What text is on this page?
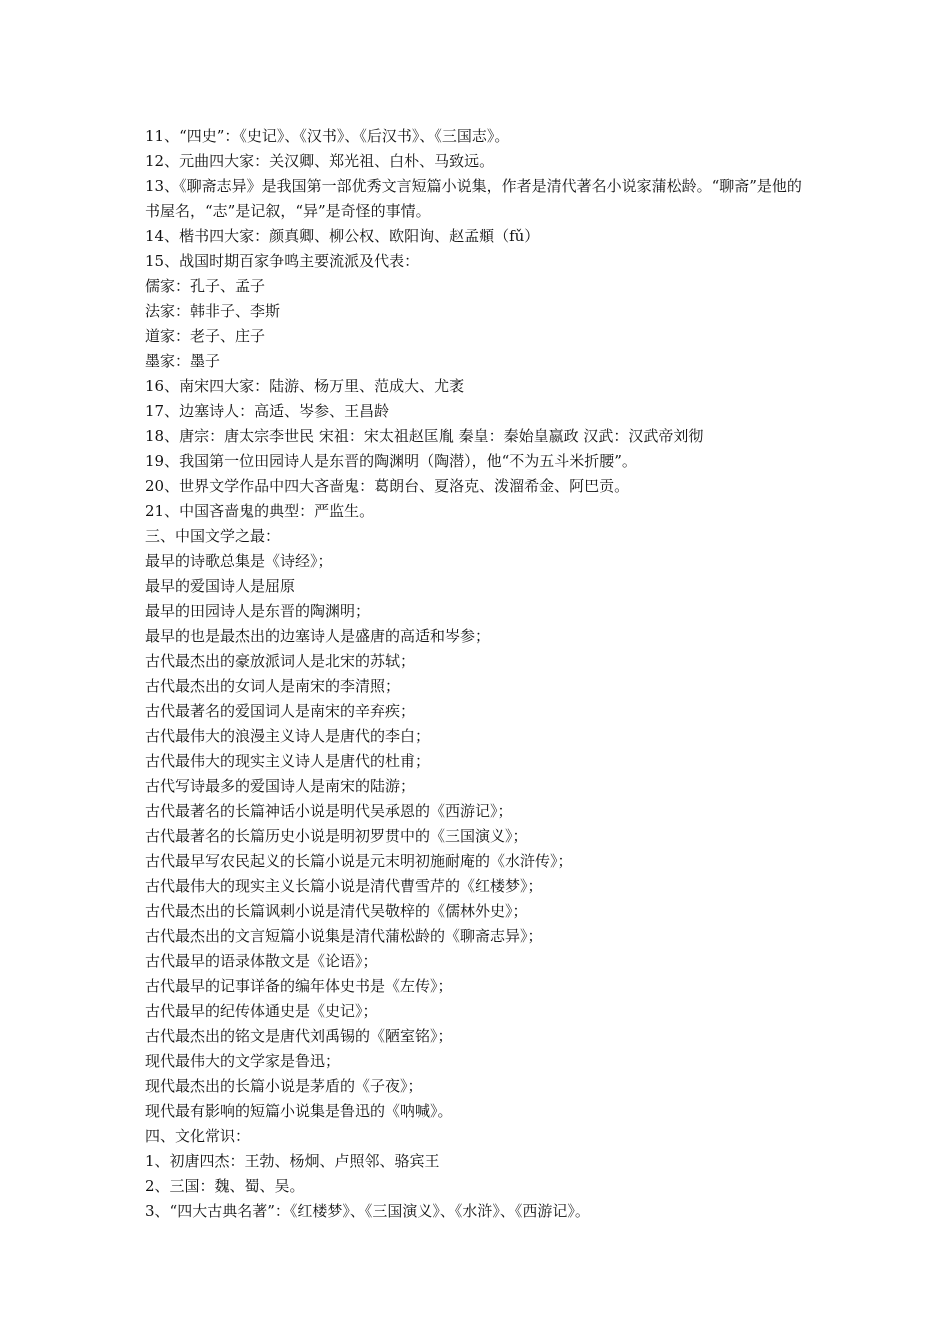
11、“四史”：《史记》、《汉书》、《后汉书》、《三国志》。
12、元曲四大家：关汉卿、郑光祖、白朴、马致远。
13、《聊斋志异》是我国第一部优秀文言短篇小说集，作者是清代著名小说家蒲松龄。“聊斋”是他的书屋名，“志”是记叙，“异”是奇怪的事情。
14、楷书四大家：颜真卿、柳公权、欧阳询、赵孟頫（fǔ）
15、战国时期百家争鸣主要流派及代表：
儒家：孔子、孟子
法家：韩非子、李斯
道家：老子、庄子
墨家：墨子
16、南宋四大家：陆游、杨万里、范成大、尤袤
17、边塞诗人：高适、岑参、王昌龄
18、唐宗：唐太宗李世民 宋祖：宋太祖赵匡胤 秦皇：秦始皇嬴政 汉武：汉武帝刘彻
19、我国第一位田园诗人是东晋的陶渊明（陶潜），他“不为五斗米折腰”。
20、世界文学作品中四大吝啬鬼：葛朗台、夏洛克、泼溜希金、阿巴贡。
21、中国吝啬鬼的典型：严监生。
三、中国文学之最：
最早的诗歌总集是《诗经》；
最早的爱国诗人是屈原
最早的田园诗人是东晋的陶渊明；
最早的也是最杰出的边塞诗人是盛唐的高适和岑参；
古代最杰出的豪放派词人是北宋的苏轼；
古代最杰出的女词人是南宋的李清照；
古代最著名的爱国词人是南宋的辛弃疾；
古代最伟大的浪漫主义诗人是唐代的李白；
古代最伟大的现实主义诗人是唐代的杜甫；
古代写诗最多的爱国诗人是南宋的陆游；
古代最著名的长篇神话小说是明代吴承恩的《西游记》；
古代最著名的长篇历史小说是明初罗贯中的《三国演义》；
古代最早写农民起义的长篇小说是元末明初施耐庵的《水浒传》；
古代最伟大的现实主义长篇小说是清代曹雪芹的《红楼梦》；
古代最杰出的长篇讽刺小说是清代吴敬梓的《儒林外史》；
古代最杰出的文言短篇小说集是清代蒲松龄的《聊斋志异》；
古代最早的语录体散文是《论语》；
古代最早的记事详备的编年体史书是《左传》；
古代最早的纪传体通史是《史记》；
古代最杰出的铭文是唐代刘禹锡的《陋室铭》；
现代最伟大的文学家是鲁迅；
现代最杰出的长篇小说是茅盾的《子夜》；
现代最有影响的短篇小说集是鲁迅的《呐喊》。
四、文化常识：
1、初唐四杰：王勃、杨炯、卢照邻、骆宾王
2、三国：魏、蜀、吴。
3、“四大古典名著”：《红楼梦》、《三国演义》、《水浒》、《西游记》。
